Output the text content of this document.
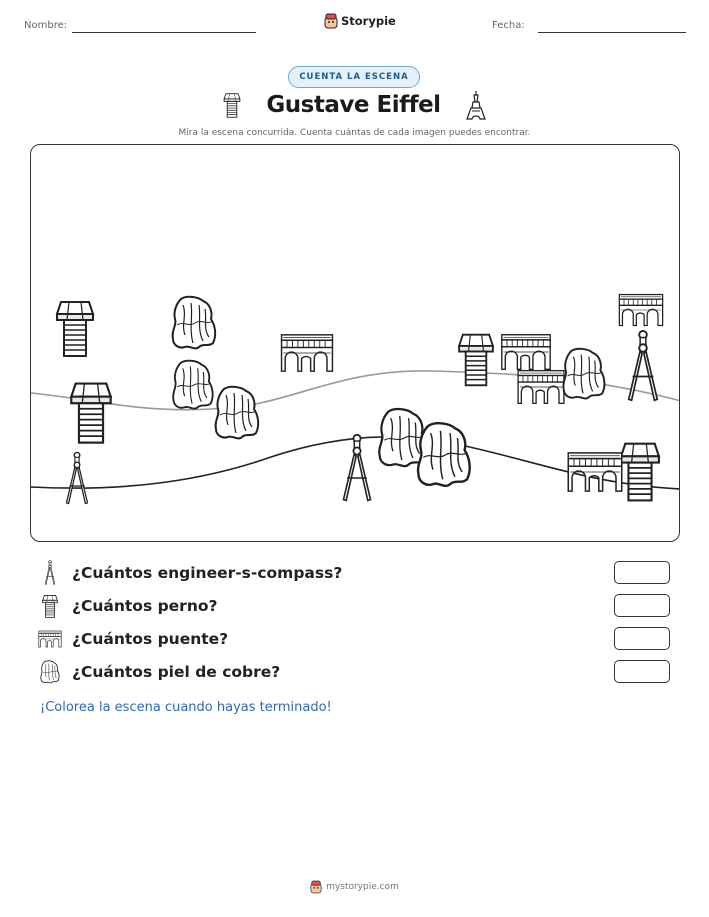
Nombre:	Storypie	Fecha:
CUENTA LA ESCENA
Gustave Eiffel
Mira la escena concurrida. Cuenta cuántas de cada imagen puedes encontrar.
¿Cuántos engineer-s-compass?
¿Cuántos perno?
¿Cuántos puente?
¿Cuántos piel de cobre?
¡Colorea la escena cuando hayas terminado!
mystorypie.com
